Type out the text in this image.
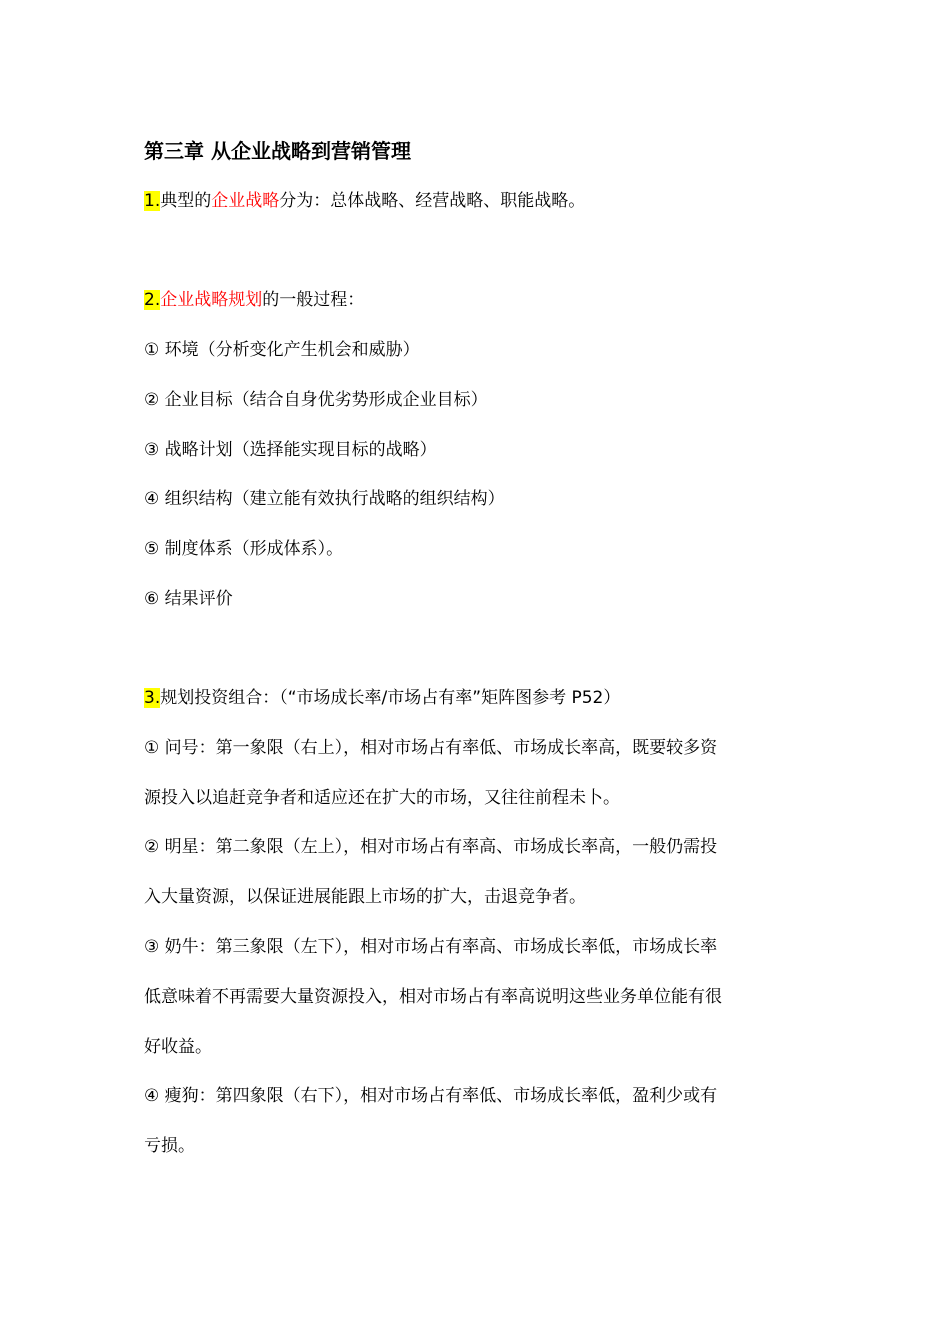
第三章 从企业战略到营销管理
1.典型的企业战略分为：总体战略、经营战略、职能战略。
2.企业战略规划的一般过程：
① 环境（分析变化产生机会和威胁）
② 企业目标（结合自身优劣势形成企业目标）
③ 战略计划（选择能实现目标的战略）
④ 组织结构（建立能有效执行战略的组织结构）
⑤ 制度体系（形成体系）。
⑥ 结果评价
3.规划投资组合：（“市场成长率/市场占有率”矩阵图参考 P52）
① 问号：第一象限（右上），相对市场占有率低、市场成长率高，既要较多资
源投入以追赶竞争者和适应还在扩大的市场，又往往前程未卜。
② 明星：第二象限（左上），相对市场占有率高、市场成长率高，一般仍需投
入大量资源，以保证进展能跟上市场的扩大，击退竞争者。
③ 奶牛：第三象限（左下），相对市场占有率高、市场成长率低，市场成长率
低意味着不再需要大量资源投入，相对市场占有率高说明这些业务单位能有很
好收益。
④ 瘦狗：第四象限（右下），相对市场占有率低、市场成长率低，盈利少或有
亏损。
